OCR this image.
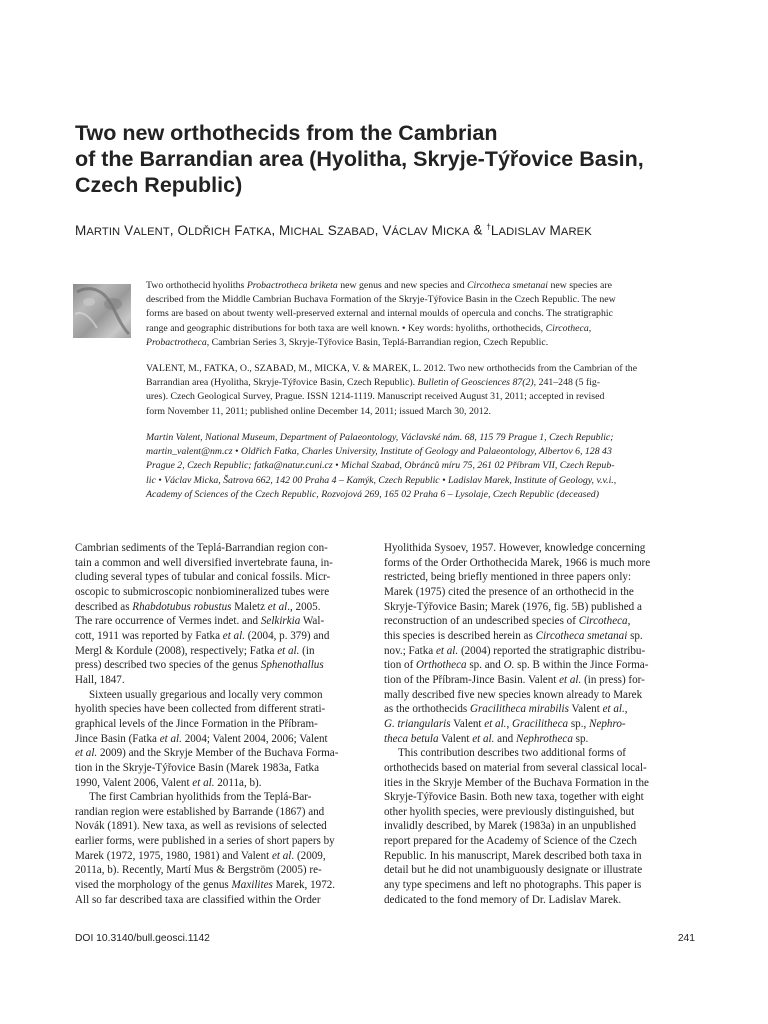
Two new orthothecids from the Cambrian
of the Barrandian area (Hyolitha, Skryje-Týřovice Basin,
Czech Republic)
MARTIN VALENT, OLDŘICH FATKA, MICHAL SZABAD, VÁCLAV MICKA & †LADISLAV MAREK
Two orthothecid hyoliths Probactrotheca briketa new genus and new species and Circotheca smetanai new species are
described from the Middle Cambrian Buchava Formation of the Skryje-Týřovice Basin in the Czech Republic. The new
forms are based on about twenty well-preserved external and internal moulds of opercula and conchs. The stratigraphic
range and geographic distributions for both taxa are well known. • Key words: hyoliths, orthothecids, Circotheca,
Probactrotheca, Cambrian Series 3, Skryje-Týřovice Basin, Teplá-Barrandian region, Czech Republic.
VALENT, M., FATKA, O., SZABAD, M., MICKA, V. & MAREK, L. 2012. Two new orthothecids from the Cambrian of the
Barrandian area (Hyolitha, Skryje-Týřovice Basin, Czech Republic). Bulletin of Geosciences 87(2), 241–248 (5 fig-
ures). Czech Geological Survey, Prague. ISSN 1214-1119. Manuscript received August 31, 2011; accepted in revised
form November 11, 2011; published online December 14, 2011; issued March 30, 2012.
Martin Valent, National Museum, Department of Palaeontology, Václavské nám. 68, 115 79 Prague 1, Czech Republic;
martin_valent@nm.cz • Oldřich Fatka, Charles University, Institute of Geology and Palaeontology, Albertov 6, 128 43
Prague 2, Czech Republic; fatka@natur.cuni.cz • Michal Szabad, Obránců míru 75, 261 02 Příbram VII, Czech Repub-
lic • Václav Micka, Šatrova 662, 142 00 Praha 4 – Kamýk, Czech Republic • Ladislav Marek, Institute of Geology, v.v.i.,
Academy of Sciences of the Czech Republic, Rozvojová 269, 165 02 Praha 6 – Lysolaje, Czech Republic (deceased)
Cambrian sediments of the Teplá-Barrandian region con-
tain a common and well diversified invertebrate fauna, in-
cluding several types of tubular and conical fossils. Micr-
oscopic to submicroscopic nonbiomineralized tubes were
described as Rhabdotubus robustus Maletz et al., 2005.
The rare occurrence of Vermes indet. and Selkirkia Wal-
cott, 1911 was reported by Fatka et al. (2004, p. 379) and
Mergl & Kordule (2008), respectively; Fatka et al. (in
press) described two species of the genus Sphenothallus
Hall, 1847.
Sixteen usually gregarious and locally very common
hyolith species have been collected from different strati-
graphical levels of the Jince Formation in the Příbram-
Jince Basin (Fatka et al. 2004; Valent 2004, 2006; Valent
et al. 2009) and the Skryje Member of the Buchava Forma-
tion in the Skryje-Týřovice Basin (Marek 1983a, Fatka
1990, Valent 2006, Valent et al. 2011a, b).
The first Cambrian hyolithids from the Teplá-Bar-
randian region were established by Barrande (1867) and
Novák (1891). New taxa, as well as revisions of selected
earlier forms, were published in a series of short papers by
Marek (1972, 1975, 1980, 1981) and Valent et al. (2009,
2011a, b). Recently, Martí Mus & Bergström (2005) re-
vised the morphology of the genus Maxilites Marek, 1972.
All so far described taxa are classified within the Order
Hyolithida Sysoev, 1957. However, knowledge concerning
forms of the Order Orthothecida Marek, 1966 is much more
restricted, being briefly mentioned in three papers only:
Marek (1975) cited the presence of an orthothecid in the
Skryje-Týřovice Basin; Marek (1976, fig. 5B) published a
reconstruction of an undescribed species of Circotheca,
this species is described herein as Circotheca smetanai sp.
nov.; Fatka et al. (2004) reported the stratigraphic distribu-
tion of Orthotheca sp. and O. sp. B within the Jince Forma-
tion of the Příbram-Jince Basin. Valent et al. (in press) for-
mally described five new species known already to Marek
as the orthothecids Gracilitheca mirabilis Valent et al.,
G. triangularis Valent et al., Gracilitheca sp., Nephro-
theca betula Valent et al. and Nephrotheca sp.
This contribution describes two additional forms of
orthothecids based on material from several classical local-
ities in the Skryje Member of the Buchava Formation in the
Skryje-Týřovice Basin. Both new taxa, together with eight
other hyolith species, were previously distinguished, but
invalidly described, by Marek (1983a) in an unpublished
report prepared for the Academy of Science of the Czech
Republic. In his manuscript, Marek described both taxa in
detail but he did not unambiguously designate or illustrate
any type specimens and left no photographs. This paper is
dedicated to the fond memory of Dr. Ladislav Marek.
DOI 10.3140/bull.geosci.1142	241
